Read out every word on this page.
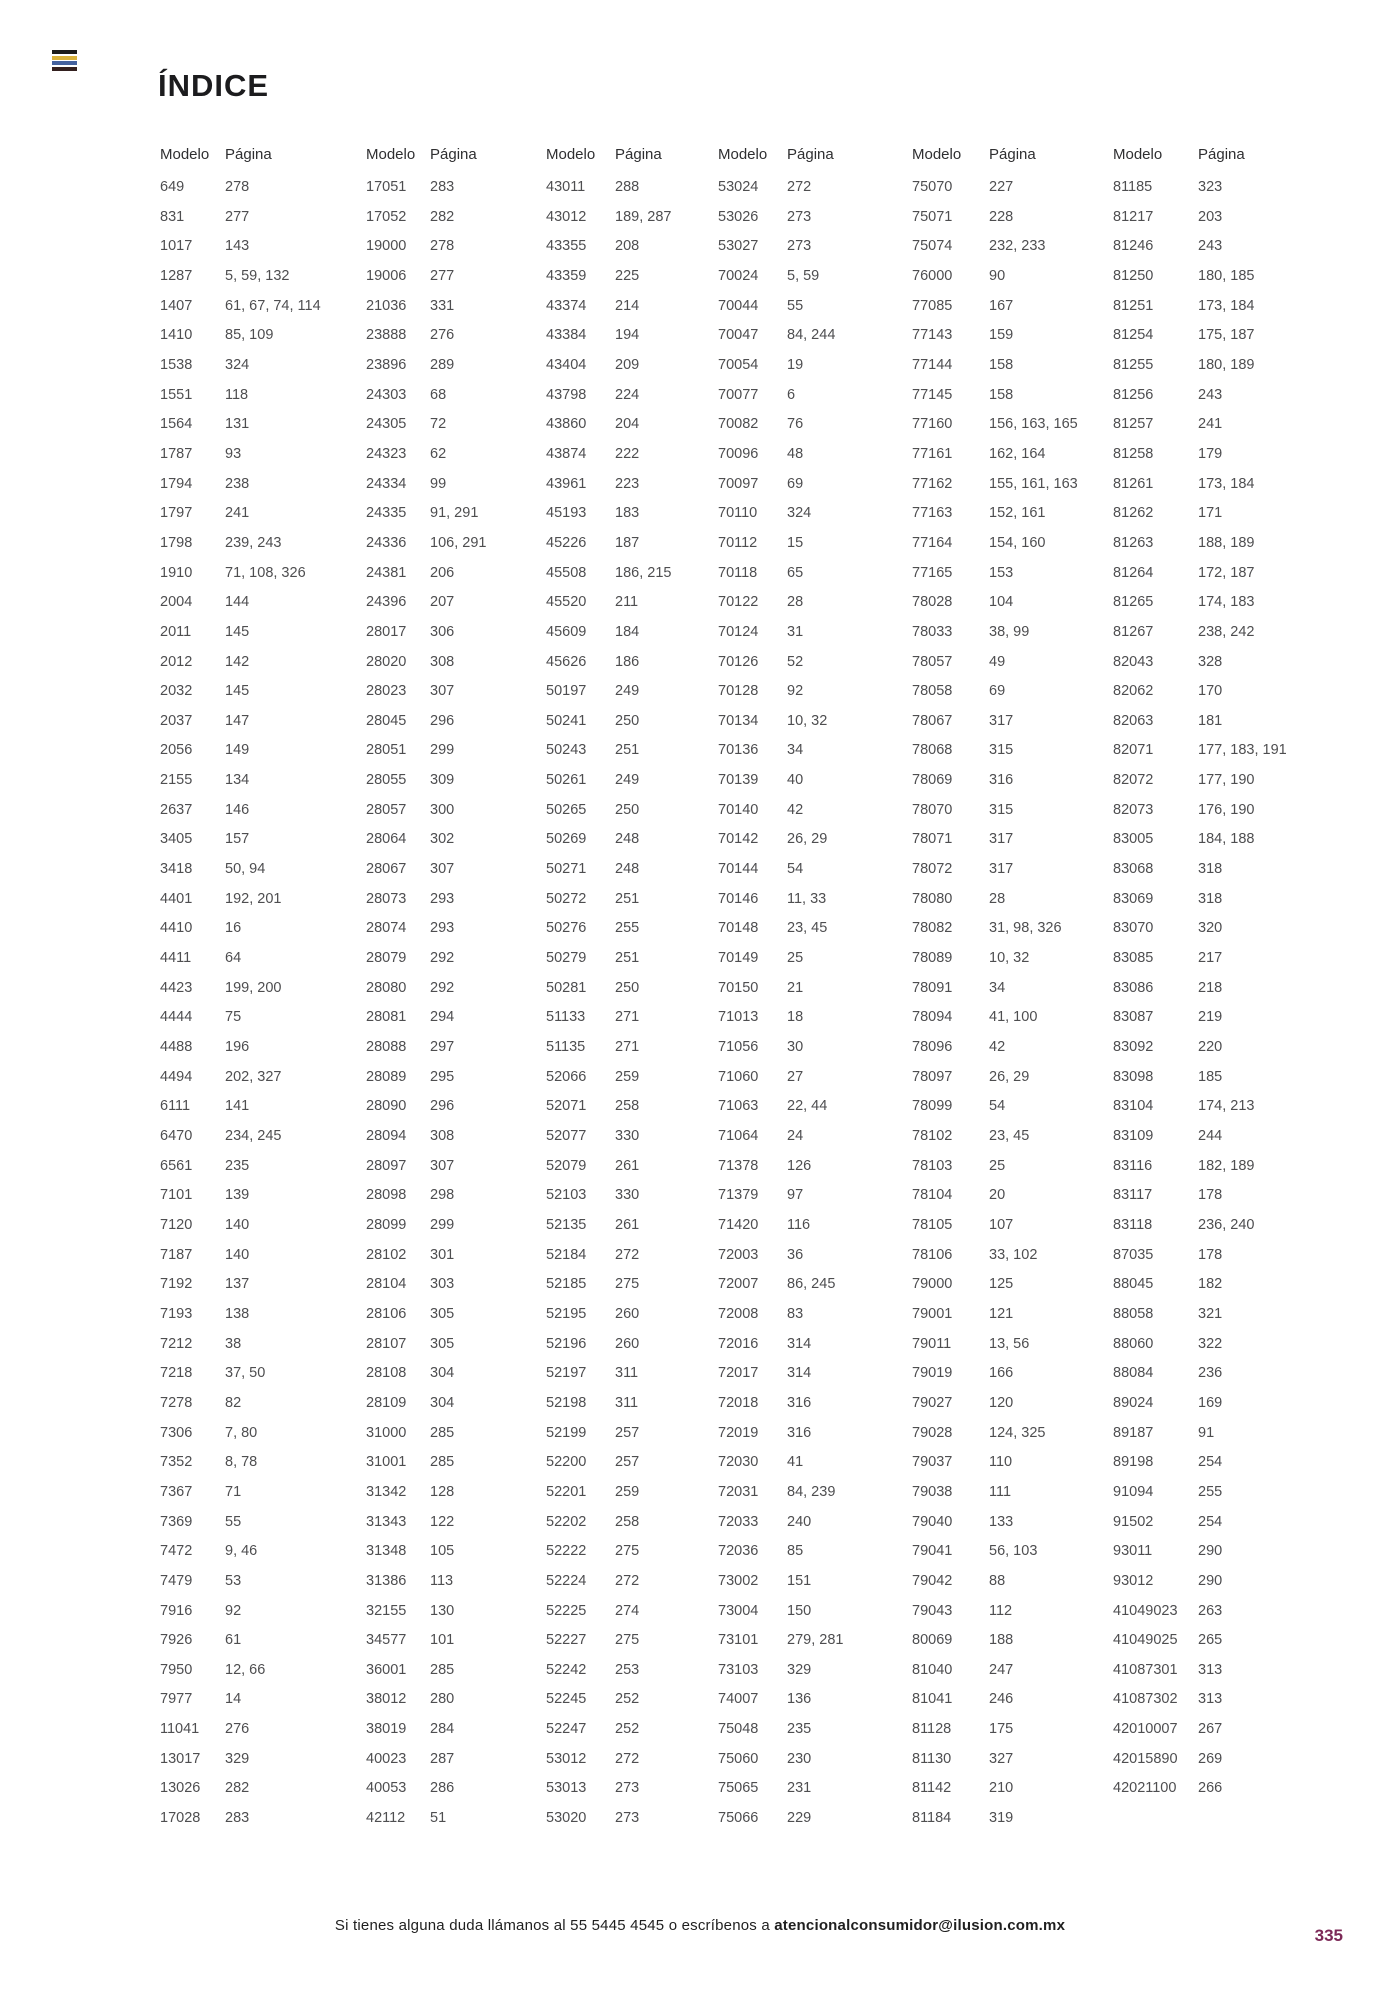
ÍNDICE
Modelo	Página
649	278
831	277
1017	143
1287	5, 59, 132
1407	61, 67, 74, 114
1410	85, 109
1538	324
1551	118
1564	131
1787	93
1794	238
1797	241
1798	239, 243
1910	71, 108, 326
2004	144
2011	145
2012	142
2032	145
2037	147
2056	149
2155	134
2637	146
3405	157
3418	50, 94
4401	192, 201
4410	16
4411	64
4423	199, 200
4444	75
4488	196
4494	202, 327
6111	141
6470	234, 245
6561	235
7101	139
7120	140
7187	140
7192	137
7193	138
7212	38
7218	37, 50
7278	82
7306	7, 80
7352	8, 78
7367	71
7369	55
7472	9, 46
7479	53
7916	92
7926	61
7950	12, 66
7977	14
11041	276
13017	329
13026	282
17028	283
Modelo Página
17051	283
17052	282
19000	278
19006	277
21036	331
23888	276
23896	289
24303	68
24305	72
24323	62
24334	99
24335	91, 291
24336	106, 291
24381	206
24396	207
28017	306
28020	308
28023	307
28045	296
28051	299
28055	309
28057	300
28064	302
28067	307
28073	293
28074	293
28079	292
28080	292
28081	294
28088	297
28089	295
28090	296
28094	308
28097	307
28098	298
28099	299
28102	301
28104	303
28106	305
28107	305
28108	304
28109	304
31000	285
31001	285
31342	128
31343	122
31348	105
31386	113
32155	130
34577	101
36001	285
38012	280
38019	284
40023	287
40053	286
42112	51
Modelo	Página
43011	288
43012	189, 287
43355	208
43359	225
43374	214
43384	194
43404	209
43798	224
43860	204
43874	222
43961	223
45193	183
45226	187
45508	186, 215
45520	211
45609	184
45626	186
50197	249
50241	250
50243	251
50261	249
50265	250
50269	248
50271	248
50272	251
50276	255
50279	251
50281	250
51133	271
51135	271
52066	259
52071	258
52077	330
52079	261
52103	330
52135	261
52184	272
52185	275
52195	260
52196	260
52197	311
52198	311
52199	257
52200	257
52201	259
52202	258
52222	275
52224	272
52225	274
52227	275
52242	253
52245	252
52247	252
53012	272
53013	273
53020	273
Modelo	Página
53024	272
53026	273
53027	273
70024	5, 59
70044	55
70047	84, 244
70054	19
70077	6
70082	76
70096	48
70097	69
70110	324
70112	15
70118	65
70122	28
70124	31
70126	52
70128	92
70134	10, 32
70136	34
70139	40
70140	42
70142	26, 29
70144	54
70146	11, 33
70148	23, 45
70149	25
70150	21
71013	18
71056	30
71060	27
71063	22, 44
71064	24
71378	126
71379	97
71420	116
72003	36
72007	86, 245
72008	83
72016	314
72017	314
72018	316
72019	316
72030	41
72031	84, 239
72033	240
72036	85
73002	151
73004	150
73101	279, 281
73103	329
74007	136
75048	235
75060	230
75065	231
75066	229
Modelo	Página
75070	227
75071	228
75074	232, 233
76000	90
77085	167
77143	159
77144	158
77145	158
77160	156, 163, 165
77161	162, 164
77162	155, 161, 163
77163	152, 161
77164	154, 160
77165	153
78028	104
78033	38, 99
78057	49
78058	69
78067	317
78068	315
78069	316
78070	315
78071	317
78072	317
78080	28
78082	31, 98, 326
78089	10, 32
78091	34
78094	41, 100
78096	42
78097	26, 29
78099	54
78102	23, 45
78103	25
78104	20
78105	107
78106	33, 102
79000	125
79001	121
79011	13, 56
79019	166
79027	120
79028	124, 325
79037	110
79038	111
79040	133
79041	56, 103
79042	88
79043	112
80069	188
81040	247
81041	246
81128	175
81130	327
81142	210
81184	319
Modelo	Página
81185	323
81217	203
81246	243
81250	180, 185
81251	173, 184
81254	175, 187
81255	180, 189
81256	243
81257	241
81258	179
81261	173, 184
81262	171
81263	188, 189
81264	172, 187
81265	174, 183
81267	238, 242
82043	328
82062	170
82063	181
82071	177, 183, 191
82072	177, 190
82073	176, 190
83005	184, 188
83068	318
83069	318
83070	320
83085	217
83086	218
83087	219
83092	220
83098	185
83104	174, 213
83109	244
83116	182, 189
83117	178
83118	236, 240
87035	178
88045	182
88058	321
88060	322
88084	236
89024	169
89187	91
89198	254
91094	255
91502	254
93011	290
93012	290
41049023	263
41049025	265
41087301	313
41087302	313
42010007	267
42015890	269
42021100	266
Si tienes alguna duda llámanos al 55 5445 4545 o escríbenos a atencionalconsumidor@ilusion.com.mx
335
